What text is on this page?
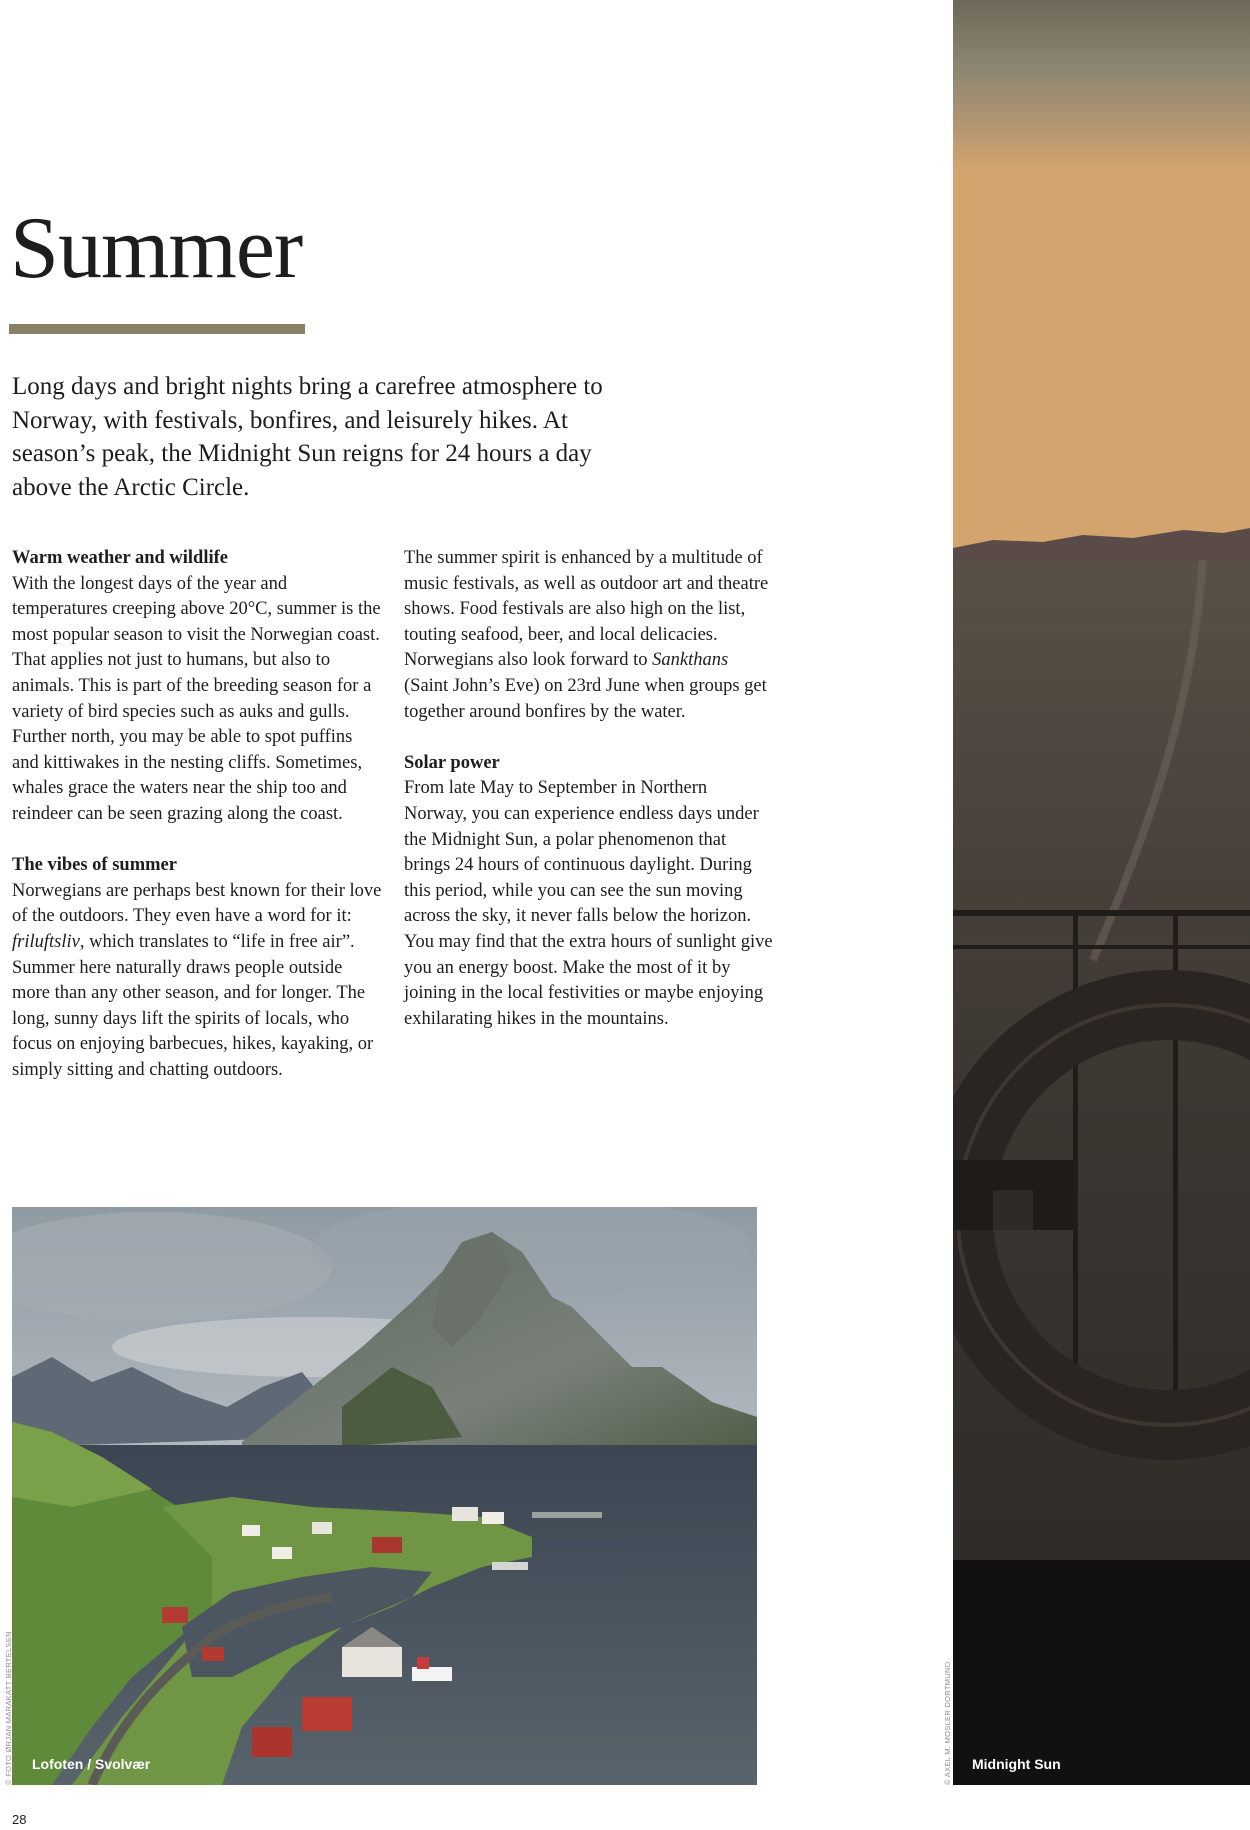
Summer

Long days and bright nights bring a carefree atmosphere to Norway, with festivals, bonfires, and leisurely hikes. At season’s peak, the Midnight Sun reigns for 24 hours a day above the Arctic Circle.

Warm weather and wildlife

With the longest days of the year and temperatures creeping above 20°C, summer is the most popular season to visit the Norwegian coast. That applies not just to humans, but also to animals. This is part of the breeding season for a variety of bird species such as auks and gulls. Further north, you may be able to spot puffins and kittiwakes in the nesting cliffs. Sometimes, whales grace the waters near the ship too and reindeer can be seen grazing along the coast.

The vibes of summer

Norwegians are perhaps best known for their love of the outdoors. They even have a word for it: friluftsliv, which translates to “life in free air”. Summer here naturally draws people outside more than any other season, and for longer. The long, sunny days lift the spirits of locals, who focus on enjoying barbecues, hikes, kayaking, or simply sitting and chatting outdoors.

The summer spirit is enhanced by a multitude of music festivals, as well as outdoor art and theatre shows. Food festivals are also high on the list, touting seafood, beer, and local delicacies. Norwegians also look forward to Sankthans (Saint John’s Eve) on 23rd June when groups get together around bonfires by the water.

Solar power

From late May to September in Northern Norway, you can experience endless days under the Midnight Sun, a polar phenomenon that brings 24 hours of continuous daylight. During this period, while you can see the sun moving across the sky, it never falls below the horizon. You may find that the extra hours of sunlight give you an energy boost. Make the most of it by joining in the local festivities or maybe enjoying exhilarating hikes in the mountains.

Lofoten / Svolvær
© FOTO ØRJAN MARAKATT BERTELSEN	Midnight Sun
© AXEL M. MOSLER DORTMUND
28
